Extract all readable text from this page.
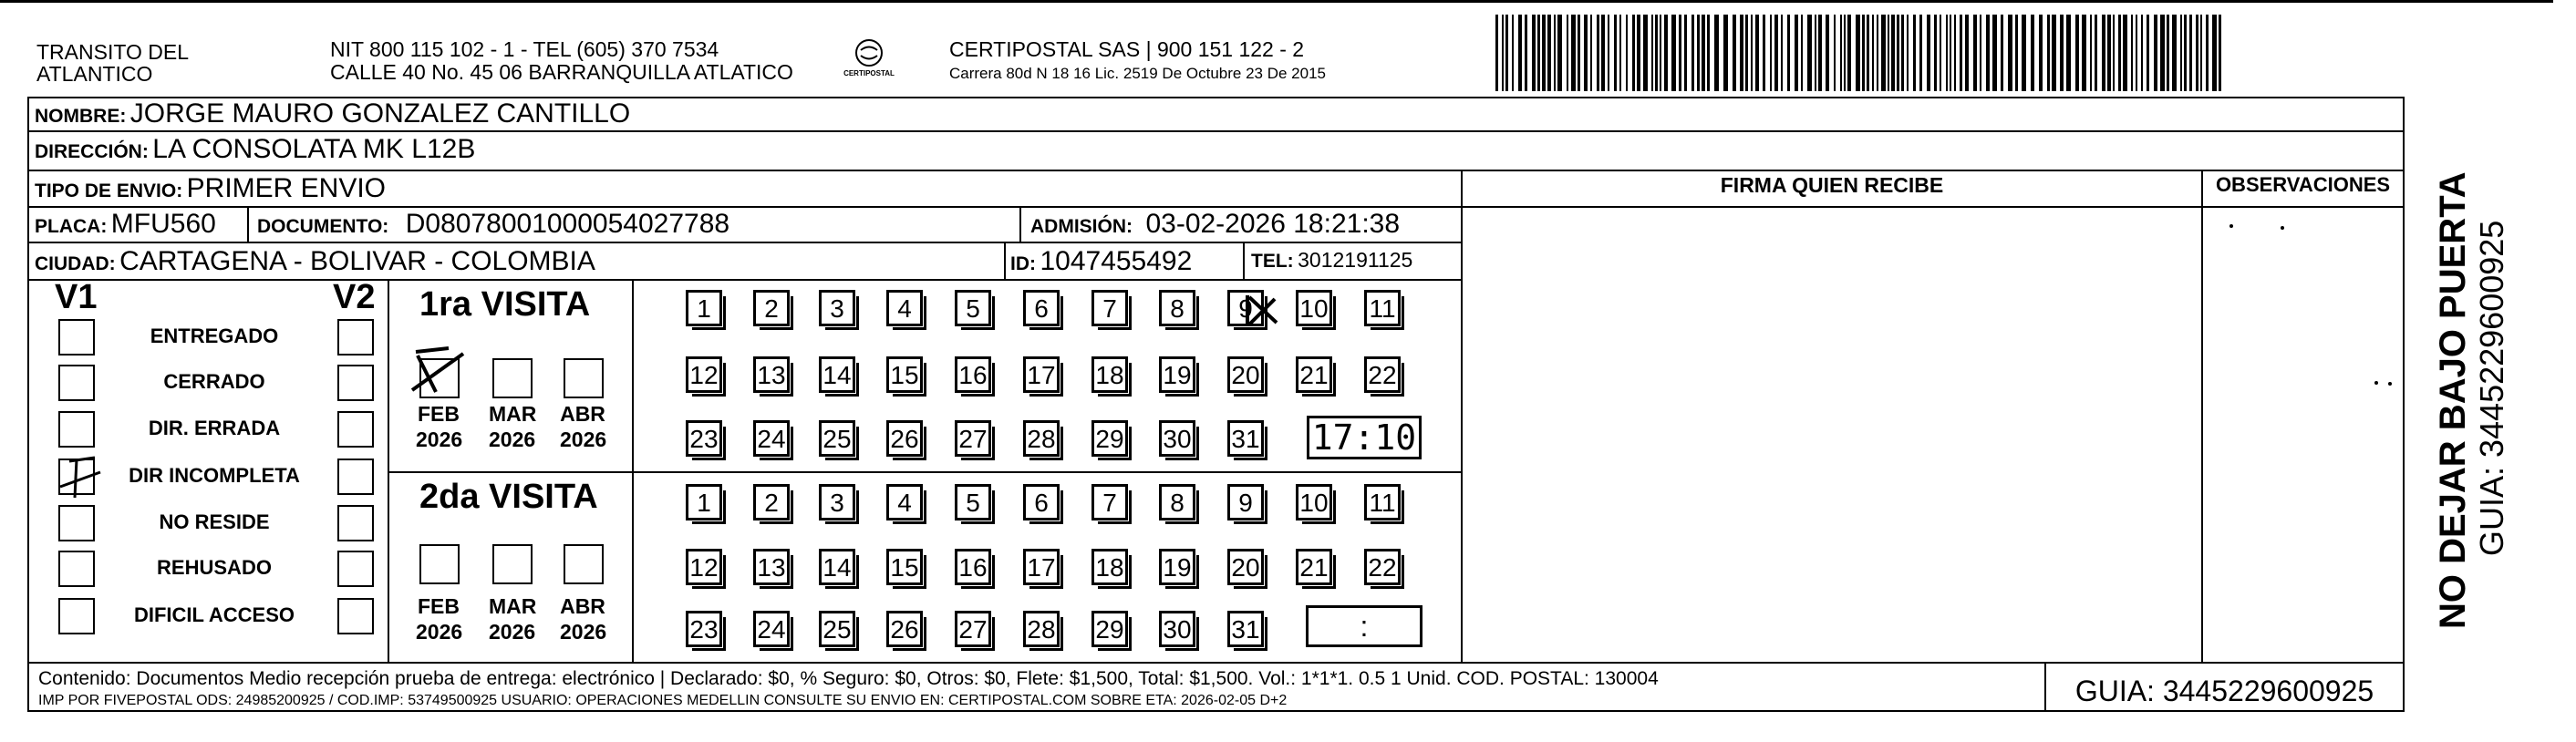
TRANSITO DEL
ATLANTICO
NIT 800 115 102 - 1 - TEL (605) 370 7534
CALLE 40 No. 45 06 BARRANQUILLA ATLATICO	CERTIPOSTAL
CERTIPOSTAL SAS | 900 151 122 - 2
Carrera 80d N 18 16 Lic. 2519 De Octubre 23 De 2015
NOMBRE: JORGE MAURO GONZALEZ CANTILLO
DIRECCIÓN: LA CONSOLATA MK L12B
TIPO DE ENVIO: PRIMER ENVIO
PLACA: MFU560 DOCUMENTO: D08078001000054027788	ADMISIÓN: 03-02-2026 18:21:38
CIUDAD: CARTAGENA - BOLIVAR - COLOMBIA	ID: 1047455492	TEL: 3012191125
FIRMA QUIEN RECIBE	OBSERVACIONES
V1	V2
ENTREGADO
CERRADO
DIR. ERRADA
DIR INCOMPLETA
NO RESIDE
REHUSADO
DIFICIL ACCESO
1ra VISITA
FEB
2026
MAR
2026
ABR
2026
1	2	3	4	5	6	7	8	9	10 11
12 13 14 15 16 17 18 19 20 21 22
23 24 25 26 27 28 29 30 31 17:10
2da VISITA
FEB
2026
MAR
2026
ABR
2026
1	2	3	4	5	6	7	8	9	10 11
12 13 14 15 16 17 18 19 20 21 22
23 24 25 26 27 28 29 30 31	:
Contenido: Documentos Medio recepción prueba de entrega: electrónico | Declarado: $0, % Seguro: $0, Otros: $0, Flete: $1,500, Total: $1,500. Vol.: 1*1*1. 0.5 1 Unid. COD. POSTAL: 130004
IMP POR FIVEPOSTAL ODS: 24985200925 / COD.IMP: 53749500925 USUARIO: OPERACIONES MEDELLIN CONSULTE SU ENVIO EN: CERTIPOSTAL.COM SOBRE ETA: 2026-02-05 D+2	GUIA: 3445229600925
NO DEJAR BAJO PUERTA GUIA: 3445229600925
